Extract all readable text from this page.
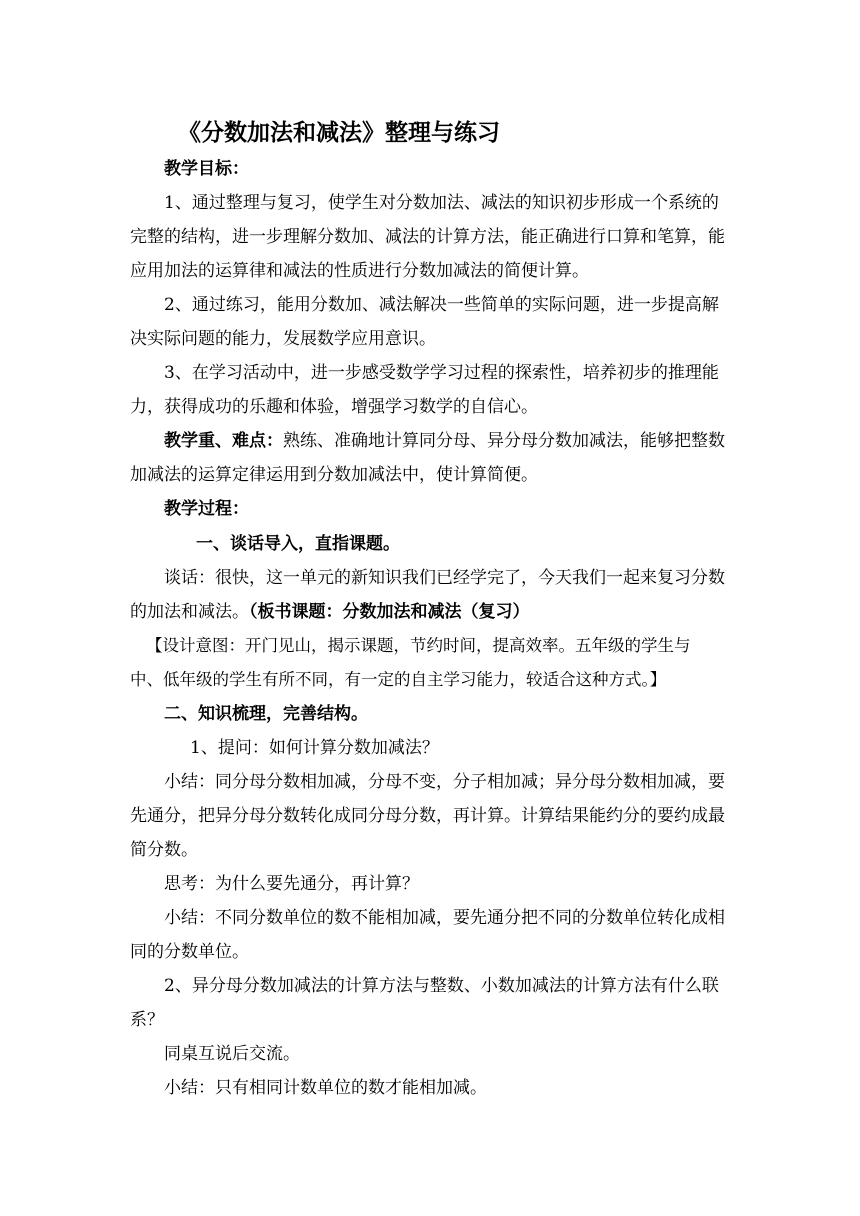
《分数加法和减法》整理与练习
教学目标：
1、通过整理与复习，使学生对分数加法、减法的知识初步形成一个系统的
完整的结构，进一步理解分数加、减法的计算方法，能正确进行口算和笔算，能
应用加法的运算律和减法的性质进行分数加减法的简便计算。
2、通过练习，能用分数加、减法解决一些简单的实际问题，进一步提高解
决实际问题的能力，发展数学应用意识。
3、在学习活动中，进一步感受数学学习过程的探索性，培养初步的推理能
力，获得成功的乐趣和体验，增强学习数学的自信心。
教学重、难点：熟练、准确地计算同分母、异分母分数加减法，能够把整数
加减法的运算定律运用到分数加减法中，使计算简便。
教学过程：
一、谈话导入，直指课题。
谈话：很快，这一单元的新知识我们已经学完了，今天我们一起来复习分数
的加法和减法。（板书课题：分数加法和减法（复习）
【设计意图：开门见山，揭示课题，节约时间，提高效率。五年级的学生与
中、低年级的学生有所不同，有一定的自主学习能力，较适合这种方式。】
二、知识梳理，完善结构。
1、提问：如何计算分数加减法？
小结：同分母分数相加减，分母不变，分子相加减；异分母分数相加减，要
先通分，把异分母分数转化成同分母分数，再计算。计算结果能约分的要约成最
简分数。
思考：为什么要先通分，再计算？
小结：不同分数单位的数不能相加减，要先通分把不同的分数单位转化成相
同的分数单位。
2、异分母分数加减法的计算方法与整数、小数加减法的计算方法有什么联
系？
同桌互说后交流。
小结：只有相同计数单位的数才能相加减。
